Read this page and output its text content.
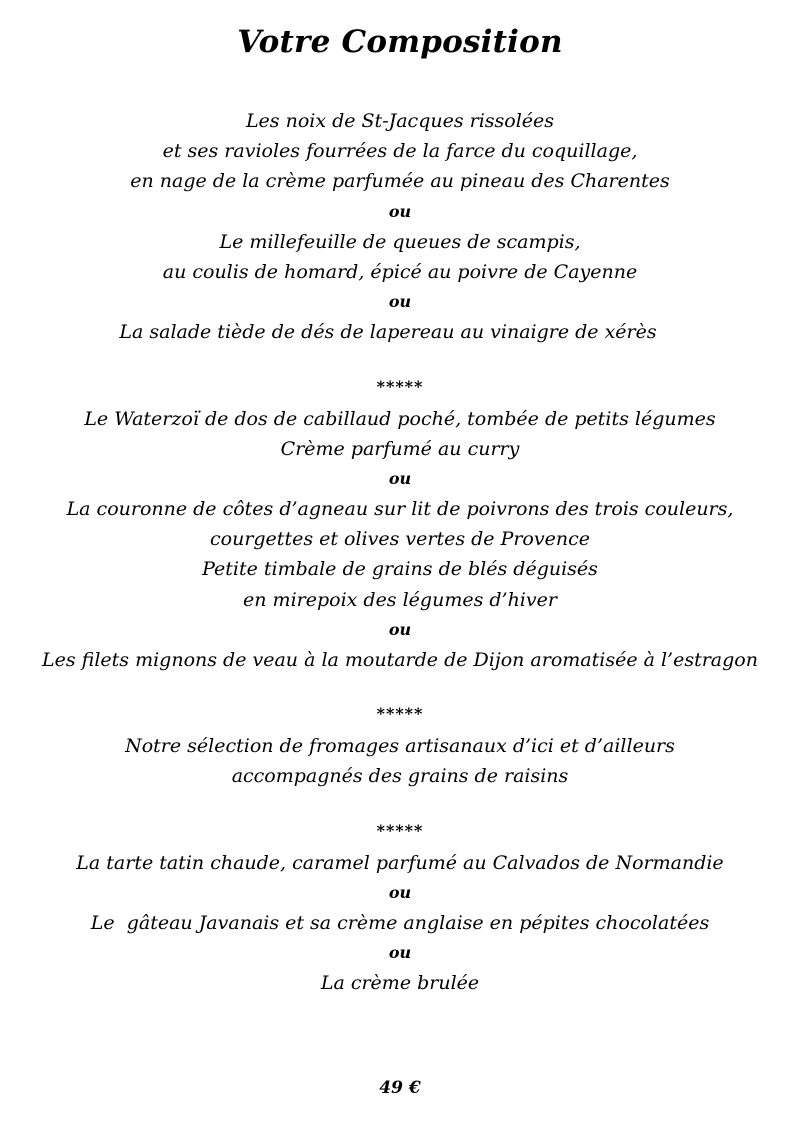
Votre Composition
Les noix de St-Jacques rissolées
et ses ravioles fourrées de la farce du coquillage,
en nage de la crème parfumée au pineau des Charentes
ou
Le millefeuille de queues de scampis,
au coulis de homard, épicé au poivre de Cayenne
ou
La salade tiède de dés de lapereau au vinaigre de xérès
*****
Le Waterzoï de dos de cabillaud poché, tombée de petits légumes
Crème parfumé au curry
ou
La couronne de côtes d’agneau sur lit de poivrons des trois couleurs,
courgettes et olives vertes de Provence
Petite timbale de grains de blés déguisés
en mirepoix des légumes d’hiver
ou
Les filets mignons de veau à la moutarde de Dijon aromatisée à l’estragon
*****
Notre sélection de fromages artisanaux d’ici et d’ailleurs
accompagnés des grains de raisins
*****
La tarte tatin chaude, caramel parfumé au Calvados de Normandie
ou
Le  gâteau Javanais et sa crème anglaise en pépites chocolatées
ou
La crème brulée
49 €
